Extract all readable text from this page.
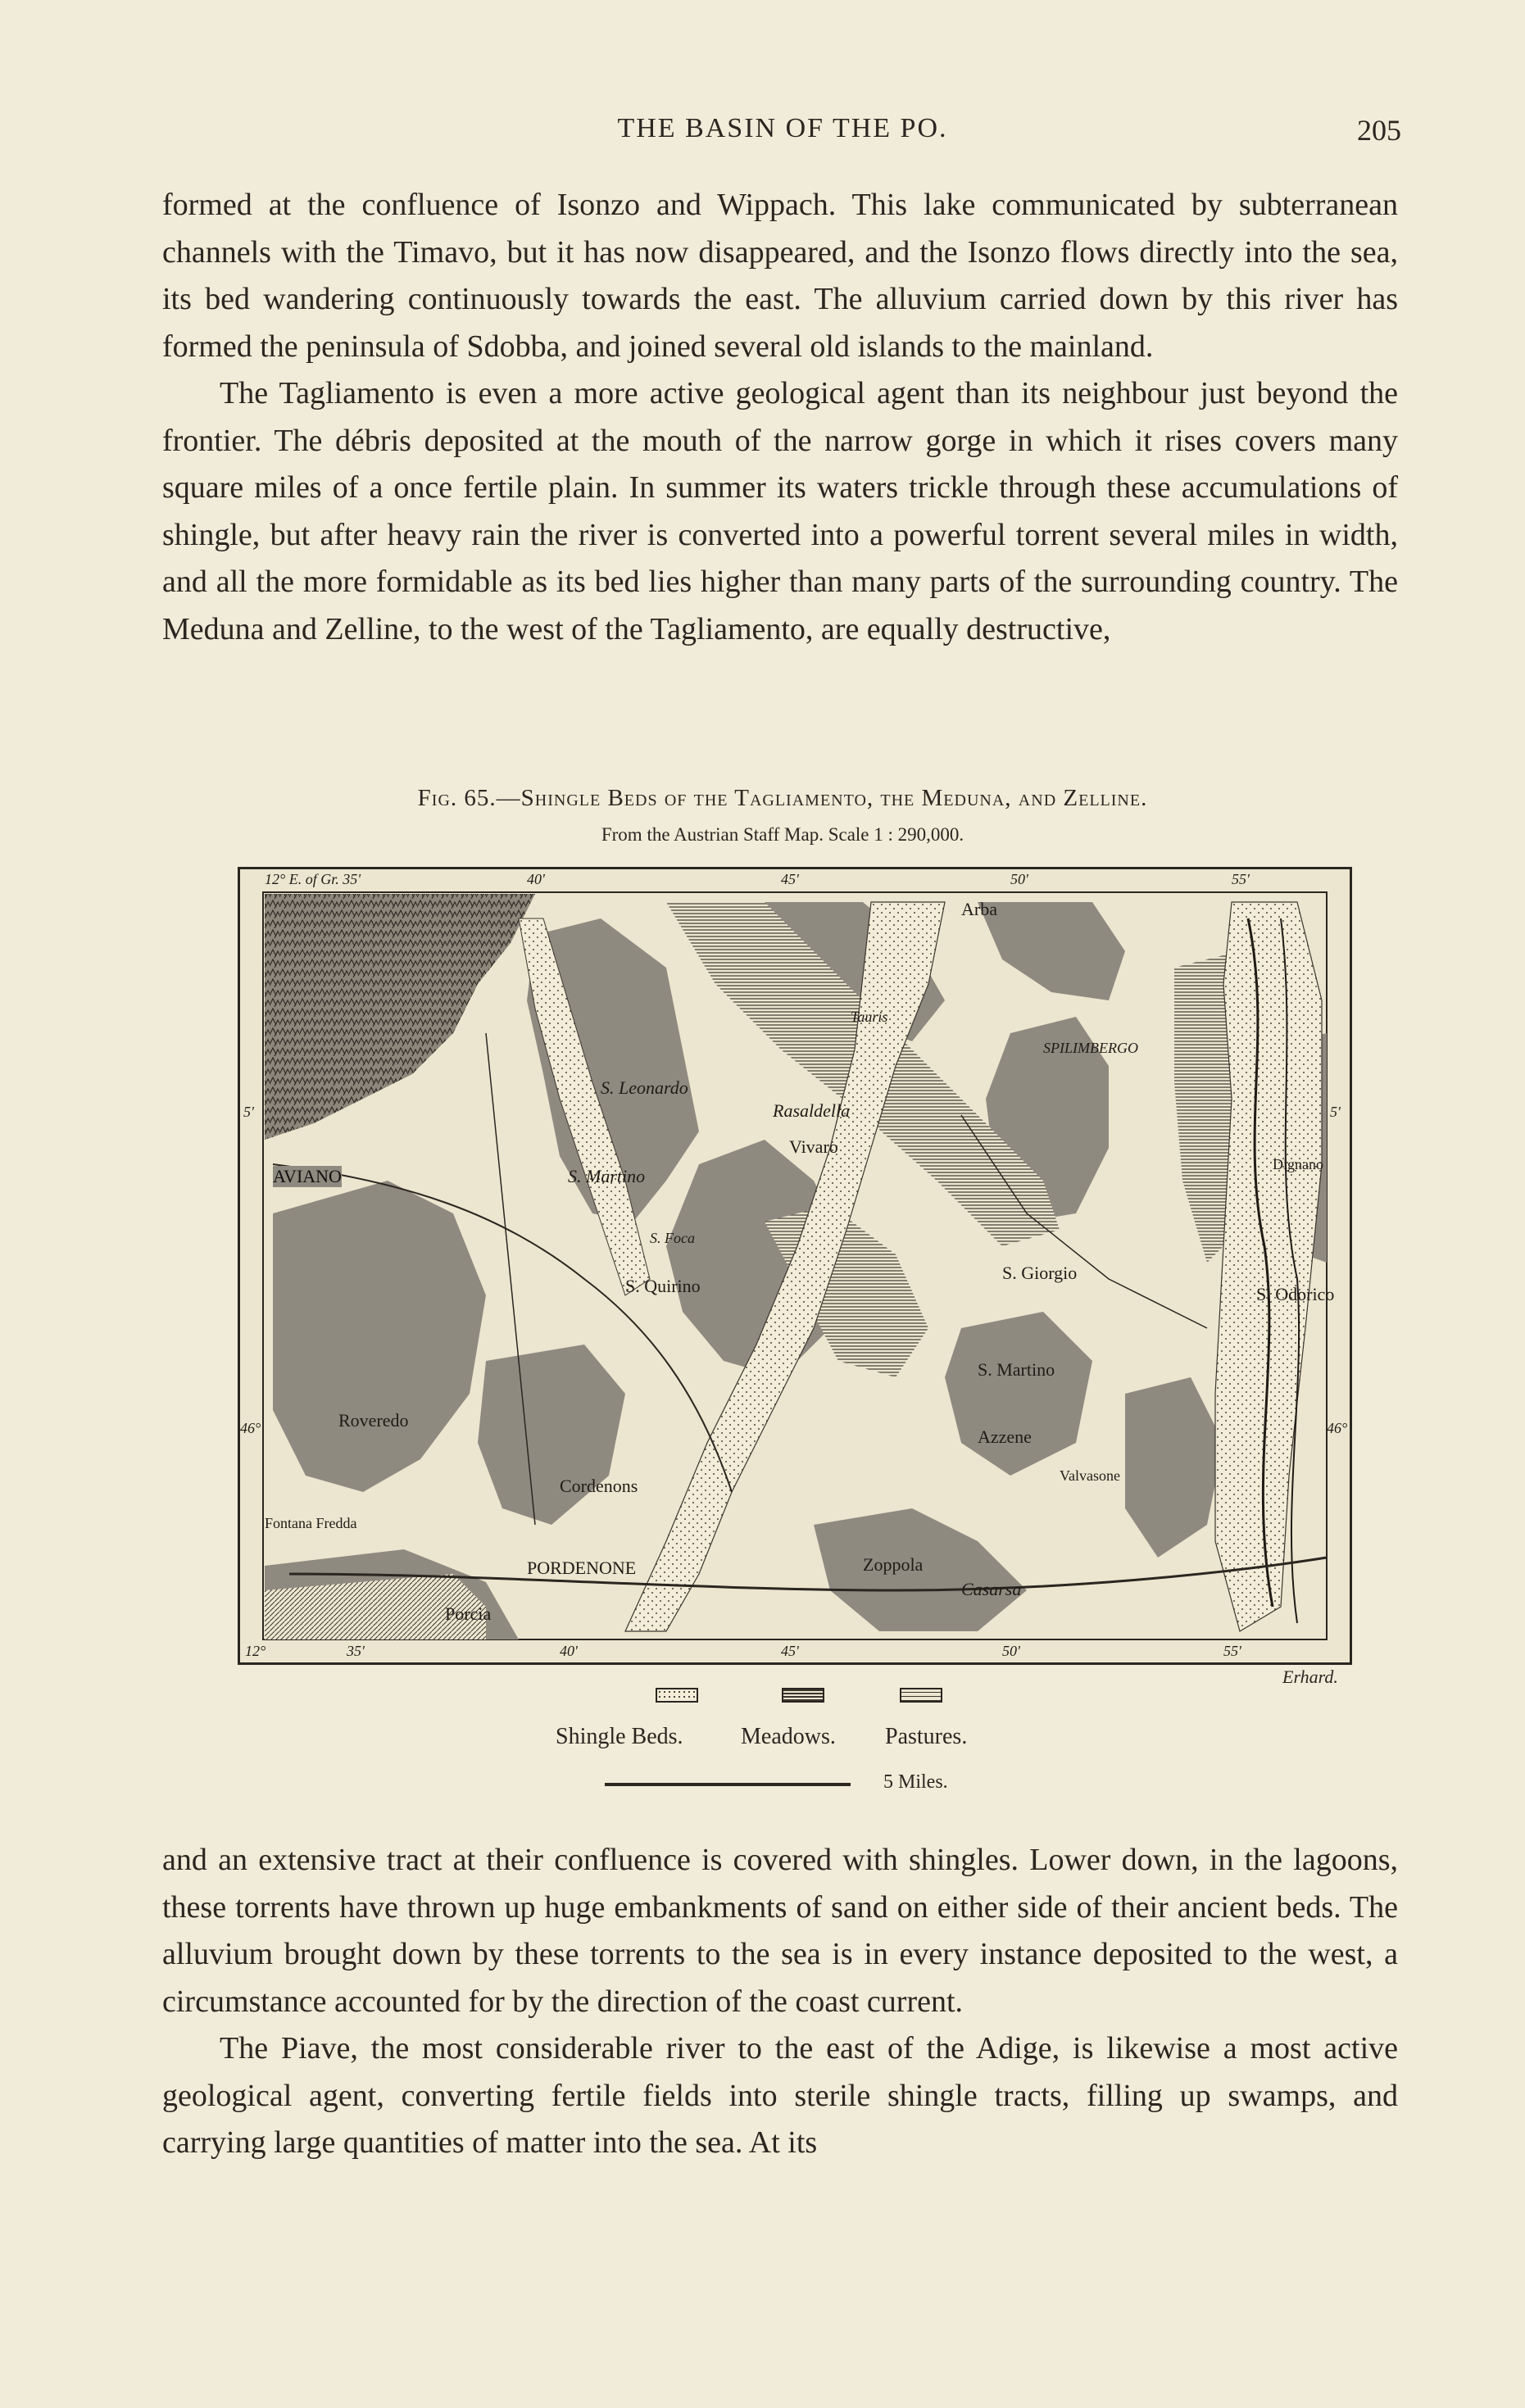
THE BASIN OF THE PO.	205

formed at the confluence of Isonzo and Wippach. This lake communicated by subterranean channels with the Timavo, but it has now disappeared, and the Isonzo flows directly into the sea, its bed wandering continuously towards the east. The alluvium carried down by this river has formed the peninsula of Sdobba, and joined several old islands to the mainland.

The Tagliamento is even a more active geological agent than its neighbour just beyond the frontier. The débris deposited at the mouth of the narrow gorge in which it rises covers many square miles of a once fertile plain. In summer its waters trickle through these accumulations of shingle, but after heavy rain the river is converted into a powerful torrent several miles in width, and all the more formidable as its bed lies higher than many parts of the surrounding country. The Meduna and Zelline, to the west of the Tagliamento, are equally destructive,

Fig. 65.—Shingle Beds of the Tagliamento, the Meduna, and Zelline.
From the Austrian Staff Map. Scale 1 : 290,000.
12° E. of Gr. 35'	40'	45'	50'	55'
12°	35'	40'	45'	50'	55'
5'
46°
5'
46°
AVIANO
S. Leonardo
Rasaldella
Vivaro
S. Martino
S. Foca
S. Quirino
Roveredo
Cordenons
Fontana Fredda
PORDENONE
Porcia
Zoppola
Casarsa
S. Martino
Azzene
Valvasone
S. Giorgio
SPILIMBERGO
Arba
Tauris
Dignano
S. Odorico
Erhard.
Shingle Beds.	Meadows. Pastures.
5 Miles.

and an extensive tract at their confluence is covered with shingles. Lower down, in the lagoons, these torrents have thrown up huge embankments of sand on either side of their ancient beds. The alluvium brought down by these torrents to the sea is in every instance deposited to the west, a circumstance accounted for by the direction of the coast current.

The Piave, the most considerable river to the east of the Adige, is likewise a most active geological agent, converting fertile fields into sterile shingle tracts, filling up swamps, and carrying large quantities of matter into the sea. At its
